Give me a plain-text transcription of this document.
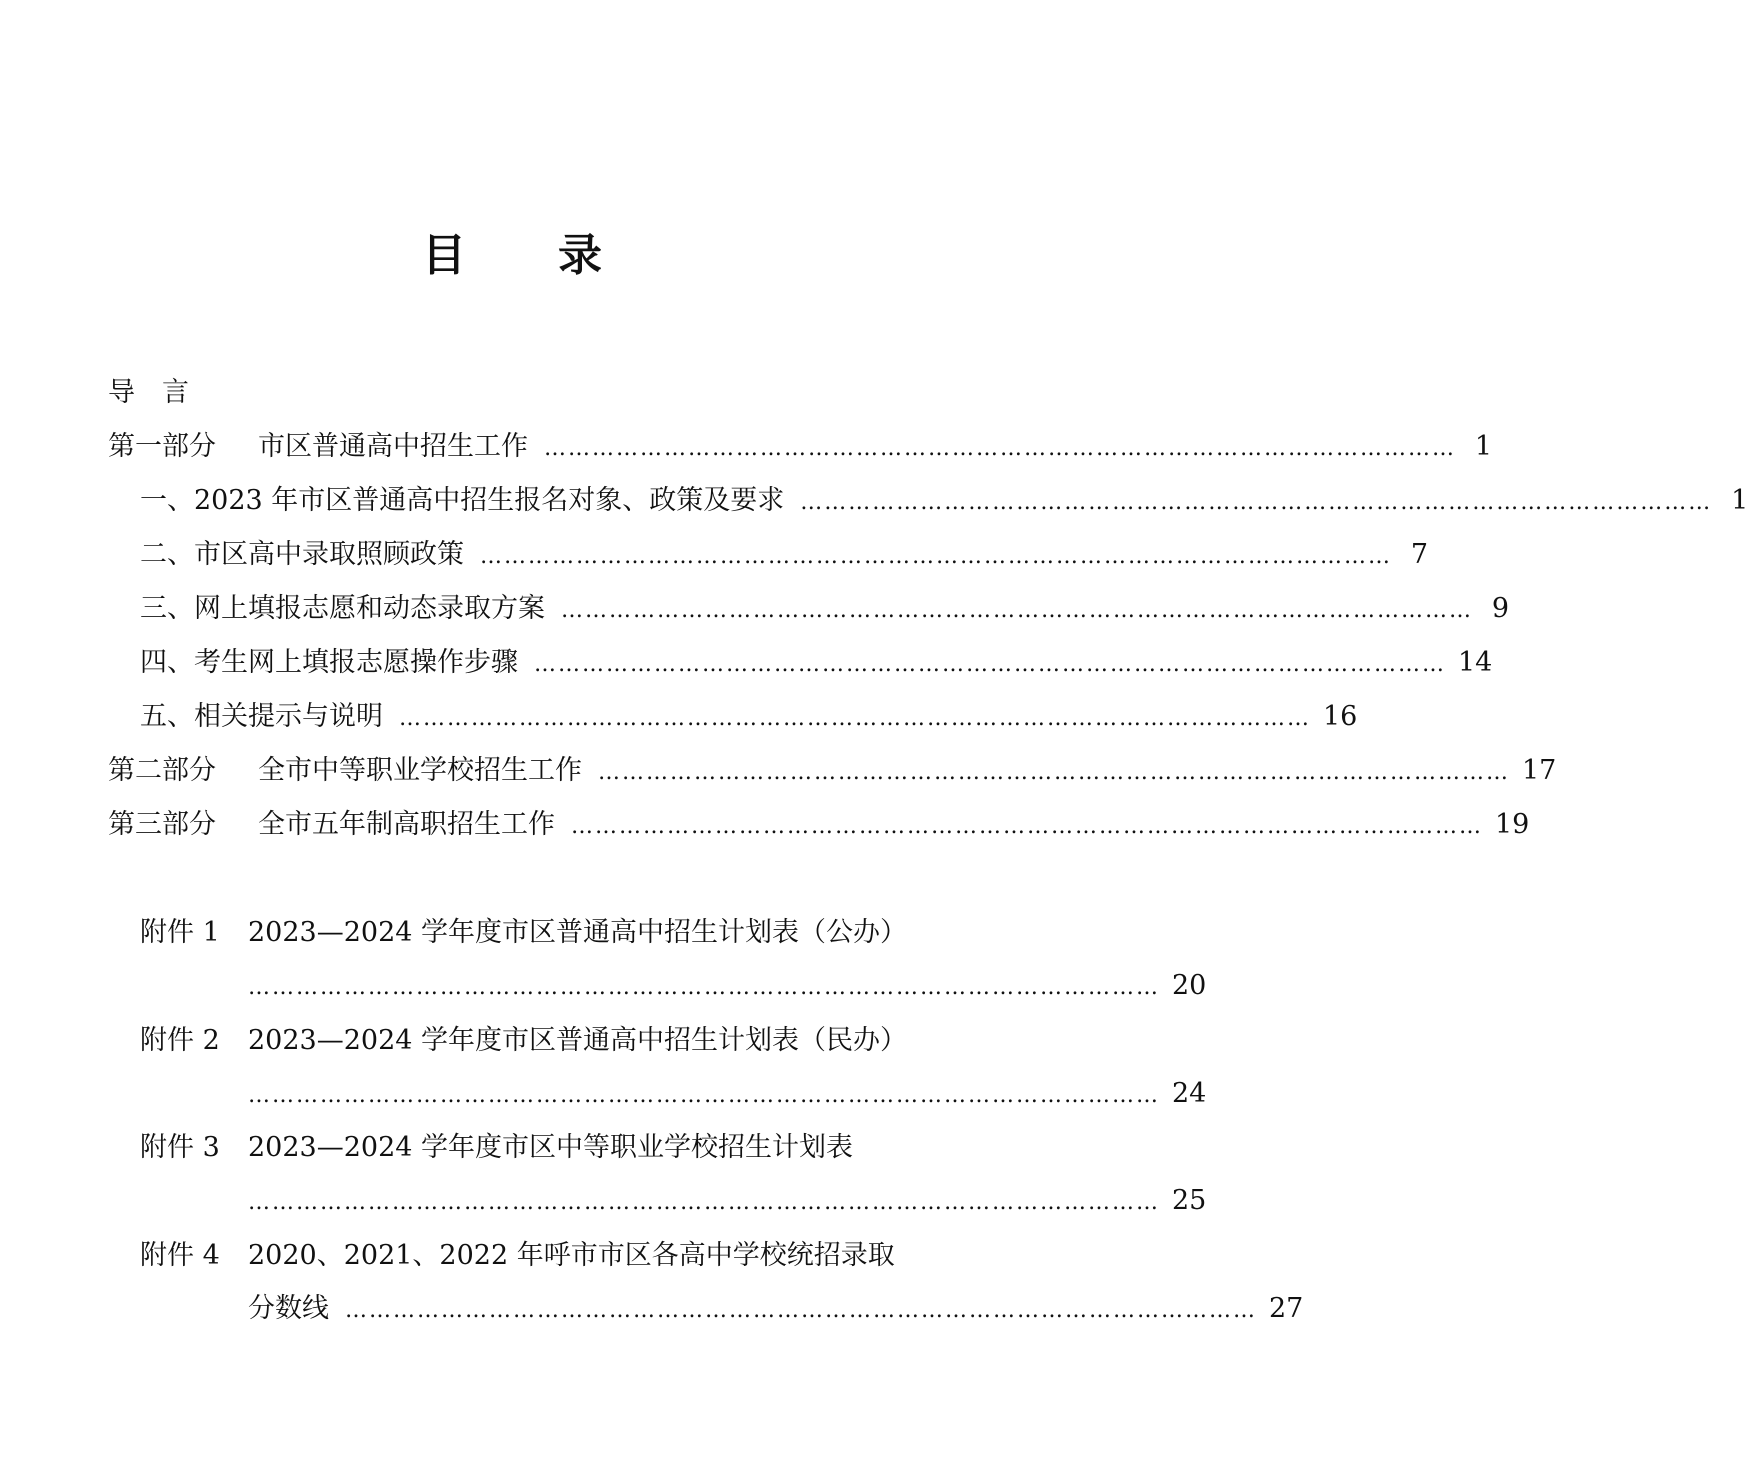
目 录
导　言
第一部分 市区普通高中招生工作 …………………………………………………………………………………………………… 1
一、2023 年市区普通高中招生报名对象、政策及要求 …………………………………………………………………………………………………… 1
二、市区高中录取照顾政策 …………………………………………………………………………………………………… 7
三、网上填报志愿和动态录取方案 …………………………………………………………………………………………………… 9
四、考生网上填报志愿操作步骤 …………………………………………………………………………………………………… 14
五、相关提示与说明 …………………………………………………………………………………………………… 16
第二部分 全市中等职业学校招生工作 …………………………………………………………………………………………………… 17
第三部分 全市五年制高职招生工作 …………………………………………………………………………………………………… 19
附件 1 2023—2024 学年度市区普通高中招生计划表（公办）
…………………………………………………………………………………………………… 20
附件 2 2023—2024 学年度市区普通高中招生计划表（民办）
…………………………………………………………………………………………………… 24
附件 3 2023—2024 学年度市区中等职业学校招生计划表
…………………………………………………………………………………………………… 25
附件 4 2020、2021、2022 年呼市市区各高中学校统招录取
分数线 …………………………………………………………………………………………………… 27
